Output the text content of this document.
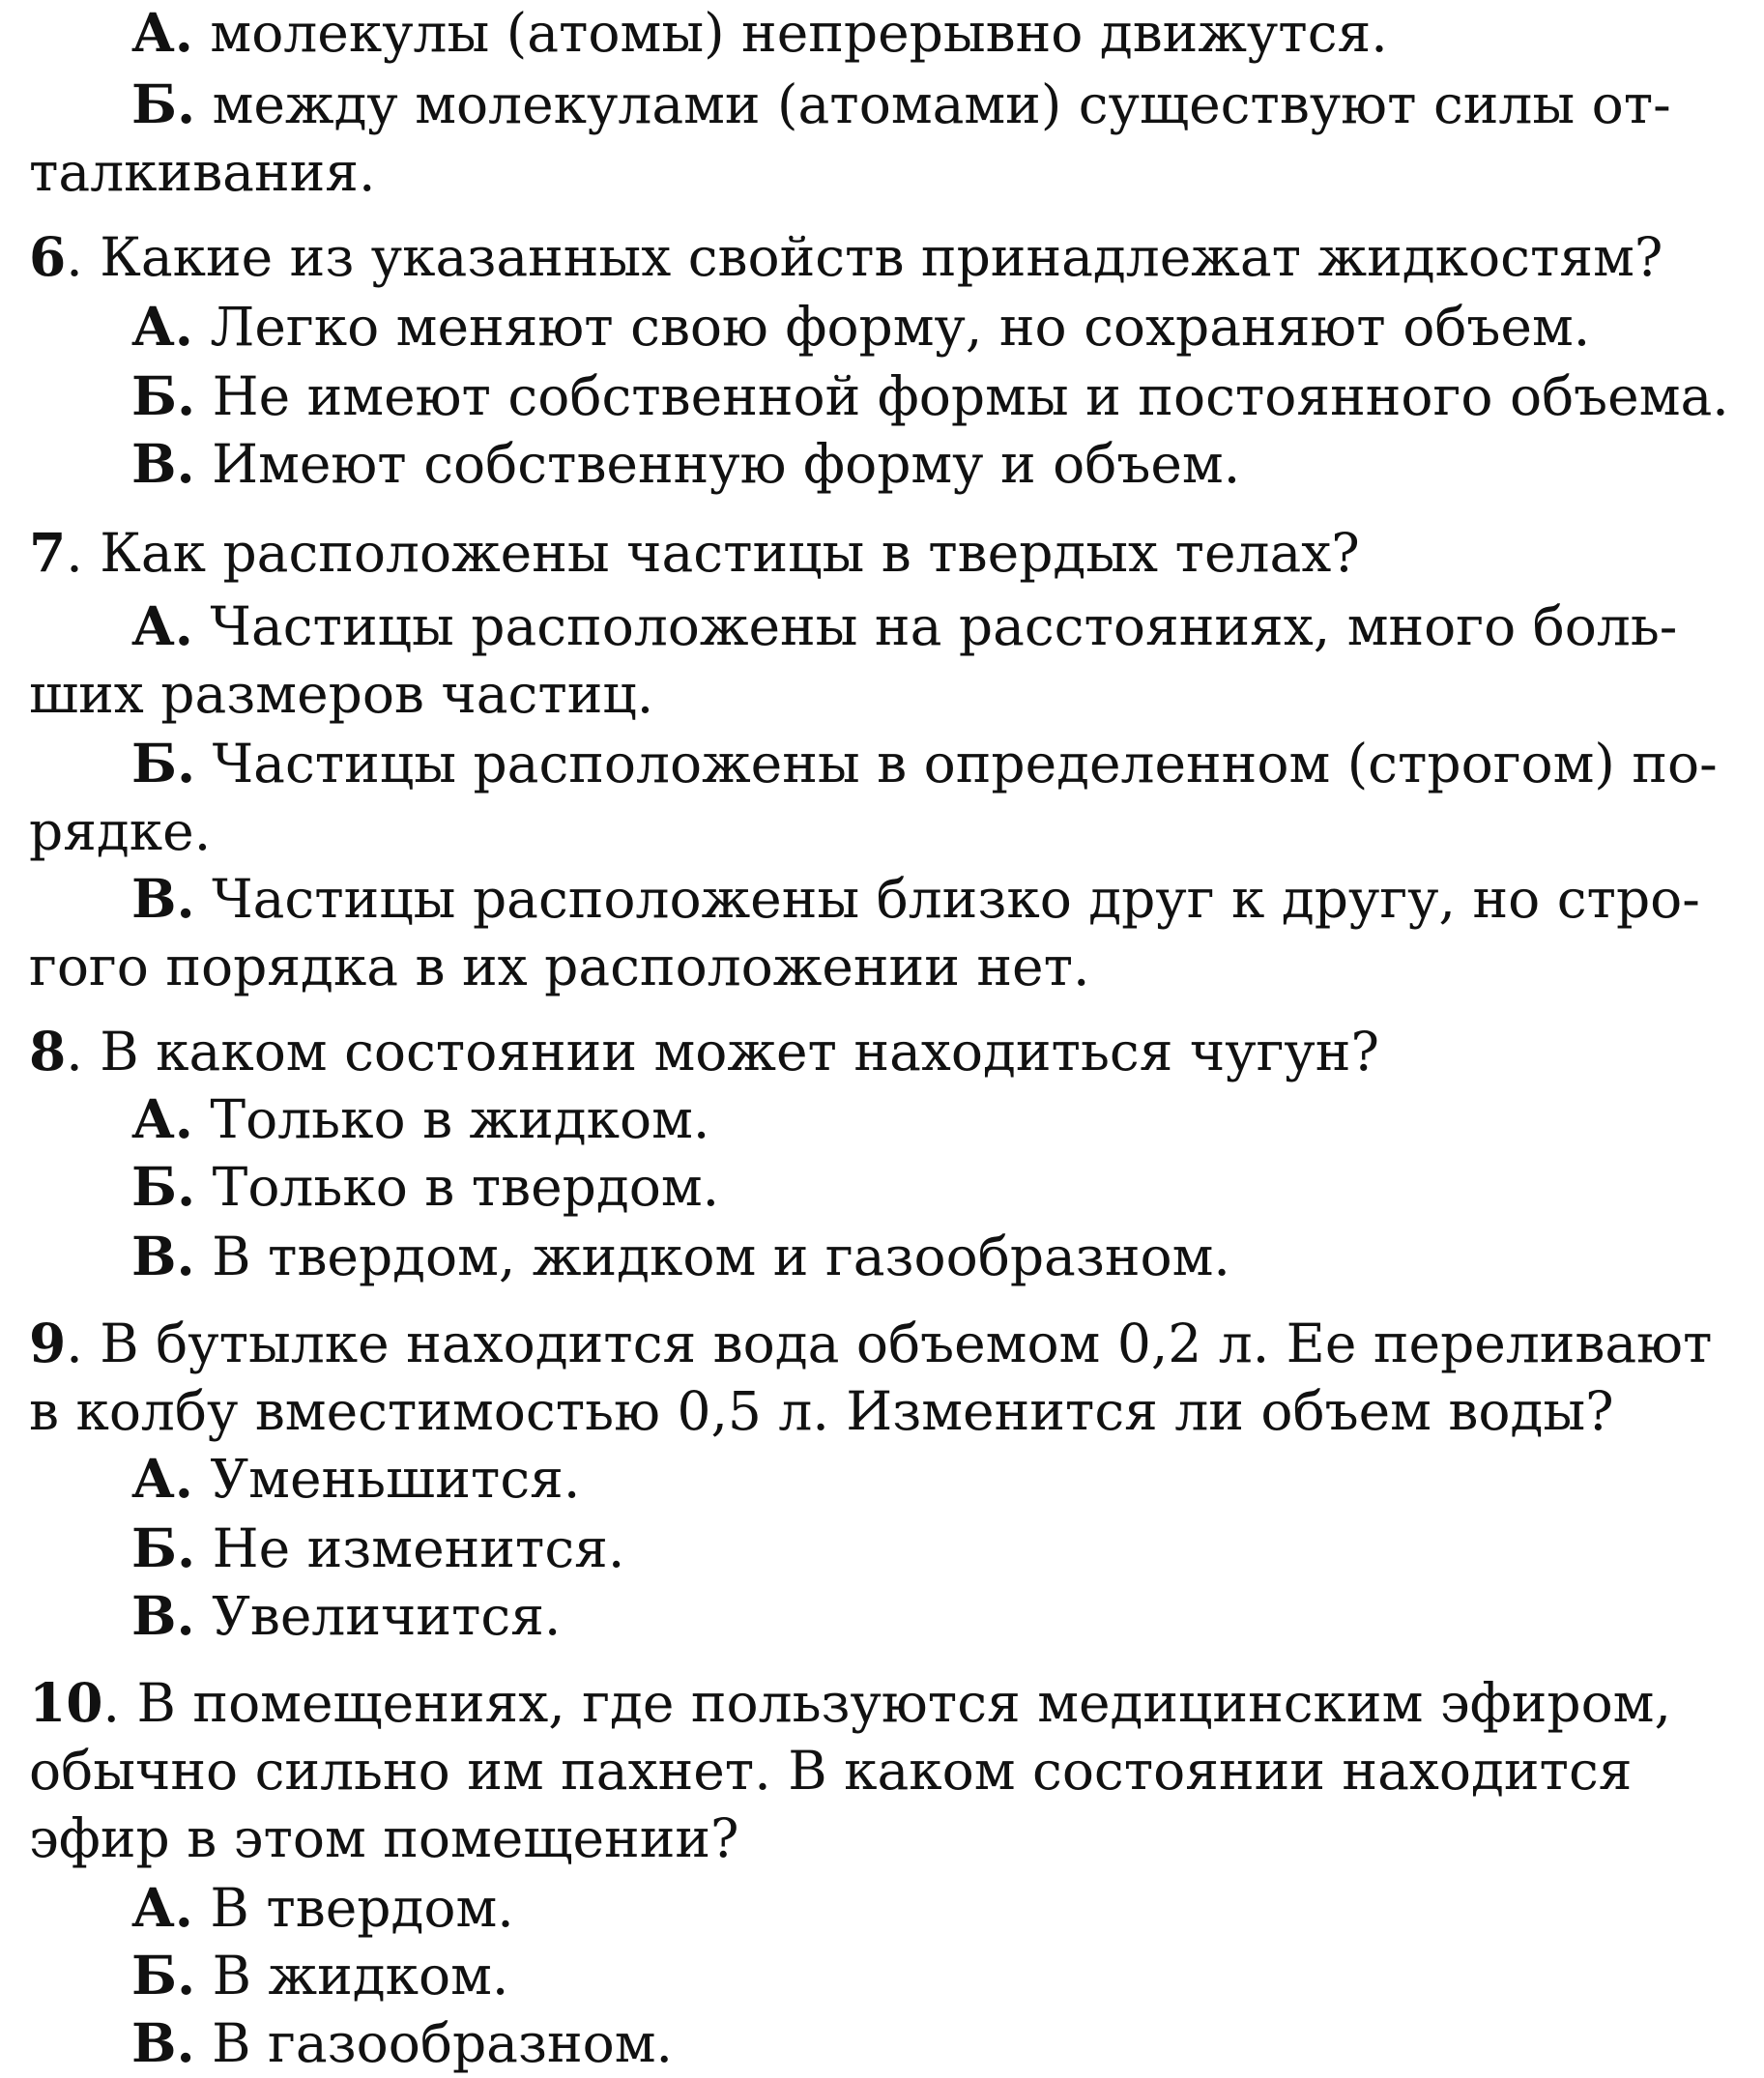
А. молекулы (атомы) непрерывно движутся.
Б. между молекулами (атомами) существуют силы от-
талкивания.
6. Какие из указанных свойств принадлежат жидкостям?
А. Легко меняют свою форму, но сохраняют объем.
Б. Не имеют собственной формы и постоянного объема.
В. Имеют собственную форму и объем.
7. Как расположены частицы в твердых телах?
А. Частицы расположены на расстояниях, много боль-
ших размеров частиц.
Б. Частицы расположены в определенном (строгом) по-
рядке.
В. Частицы расположены близко друг к другу, но стро-
гого порядка в их расположении нет.
8. В каком состоянии может находиться чугун?
А. Только в жидком.
Б. Только в твердом.
В. В твердом, жидком и газообразном.
9. В бутылке находится вода объемом 0,2 л. Ее переливают
в колбу вместимостью 0,5 л. Изменится ли объем воды?
А. Уменьшится.
Б. Не изменится.
В. Увеличится.
10. В помещениях, где пользуются медицинским эфиром,
обычно сильно им пахнет. В каком состоянии находится
эфир в этом помещении?
А. В твердом.
Б. В жидком.
В. В газообразном.
